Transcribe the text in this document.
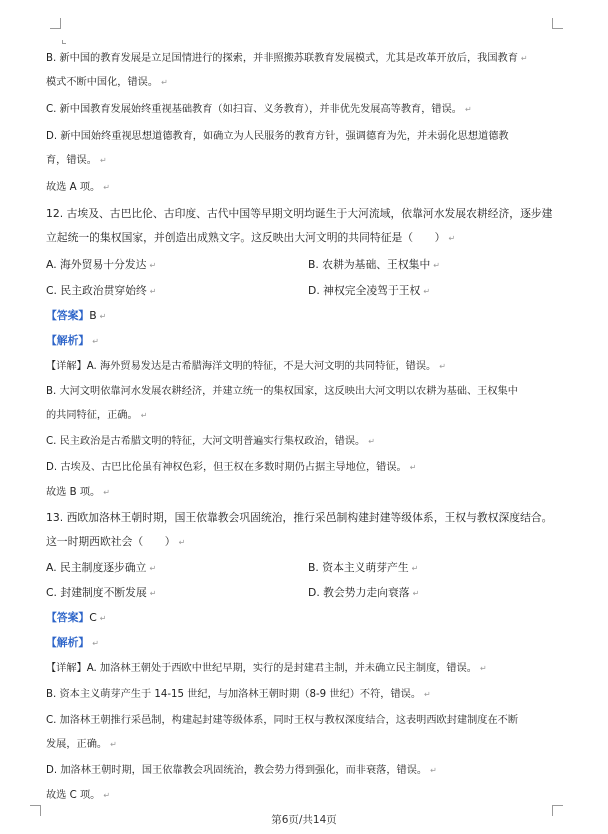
B. 新中国的教育发展是立足国情进行的探索，并非照搬苏联教育发展模式，尤其是改革开放后，我国教育 ↵
模式不断中国化，错误。 ↵
C. 新中国教育发展始终重视基础教育（如扫盲、义务教育），并非优先发展高等教育，错误。 ↵
D. 新中国始终重视思想道德教育，如确立为人民服务的教育方针，强调德育为先，并未弱化思想道德教
育，错误。 ↵
故选 A 项。 ↵
12. 古埃及、古巴比伦、古印度、古代中国等早期文明均诞生于大河流域，依靠河水发展农耕经济，逐步建
立起统一的集权国家，并创造出成熟文字。这反映出大河文明的共同特征是（　　） ↵
A. 海外贸易十分发达 ↵	B. 农耕为基础、王权集中 ↵
C. 民主政治贯穿始终 ↵	D. 神权完全凌驾于王权 ↵
【答案】B ↵
【解析】 ↵
【详解】A. 海外贸易发达是古希腊海洋文明的特征，不是大河文明的共同特征，错误。 ↵
B. 大河文明依靠河水发展农耕经济，并建立统一的集权国家，这反映出大河文明以农耕为基础、王权集中
的共同特征，正确。 ↵
C. 民主政治是古希腊文明的特征，大河文明普遍实行集权政治，错误。 ↵
D. 古埃及、古巴比伦虽有神权色彩，但王权在多数时期仍占据主导地位，错误。 ↵
故选 B 项。 ↵
13. 西欧加洛林王朝时期，国王依靠教会巩固统治，推行采邑制构建封建等级体系，王权与教权深度结合。
这一时期西欧社会（　　） ↵
A. 民主制度逐步确立 ↵	B. 资本主义萌芽产生 ↵
C. 封建制度不断发展 ↵	D. 教会势力走向衰落 ↵
【答案】C ↵
【解析】 ↵
【详解】A. 加洛林王朝处于西欧中世纪早期，实行的是封建君主制，并未确立民主制度，错误。 ↵
B. 资本主义萌芽产生于 14-15 世纪，与加洛林王朝时期（8-9 世纪）不符，错误。 ↵
C. 加洛林王朝推行采邑制，构建起封建等级体系，同时王权与教权深度结合，这表明西欧封建制度在不断
发展，正确。 ↵
D. 加洛林王朝时期，国王依靠教会巩固统治，教会势力得到强化，而非衰落，错误。 ↵
故选 C 项。 ↵
第6页/共14页
